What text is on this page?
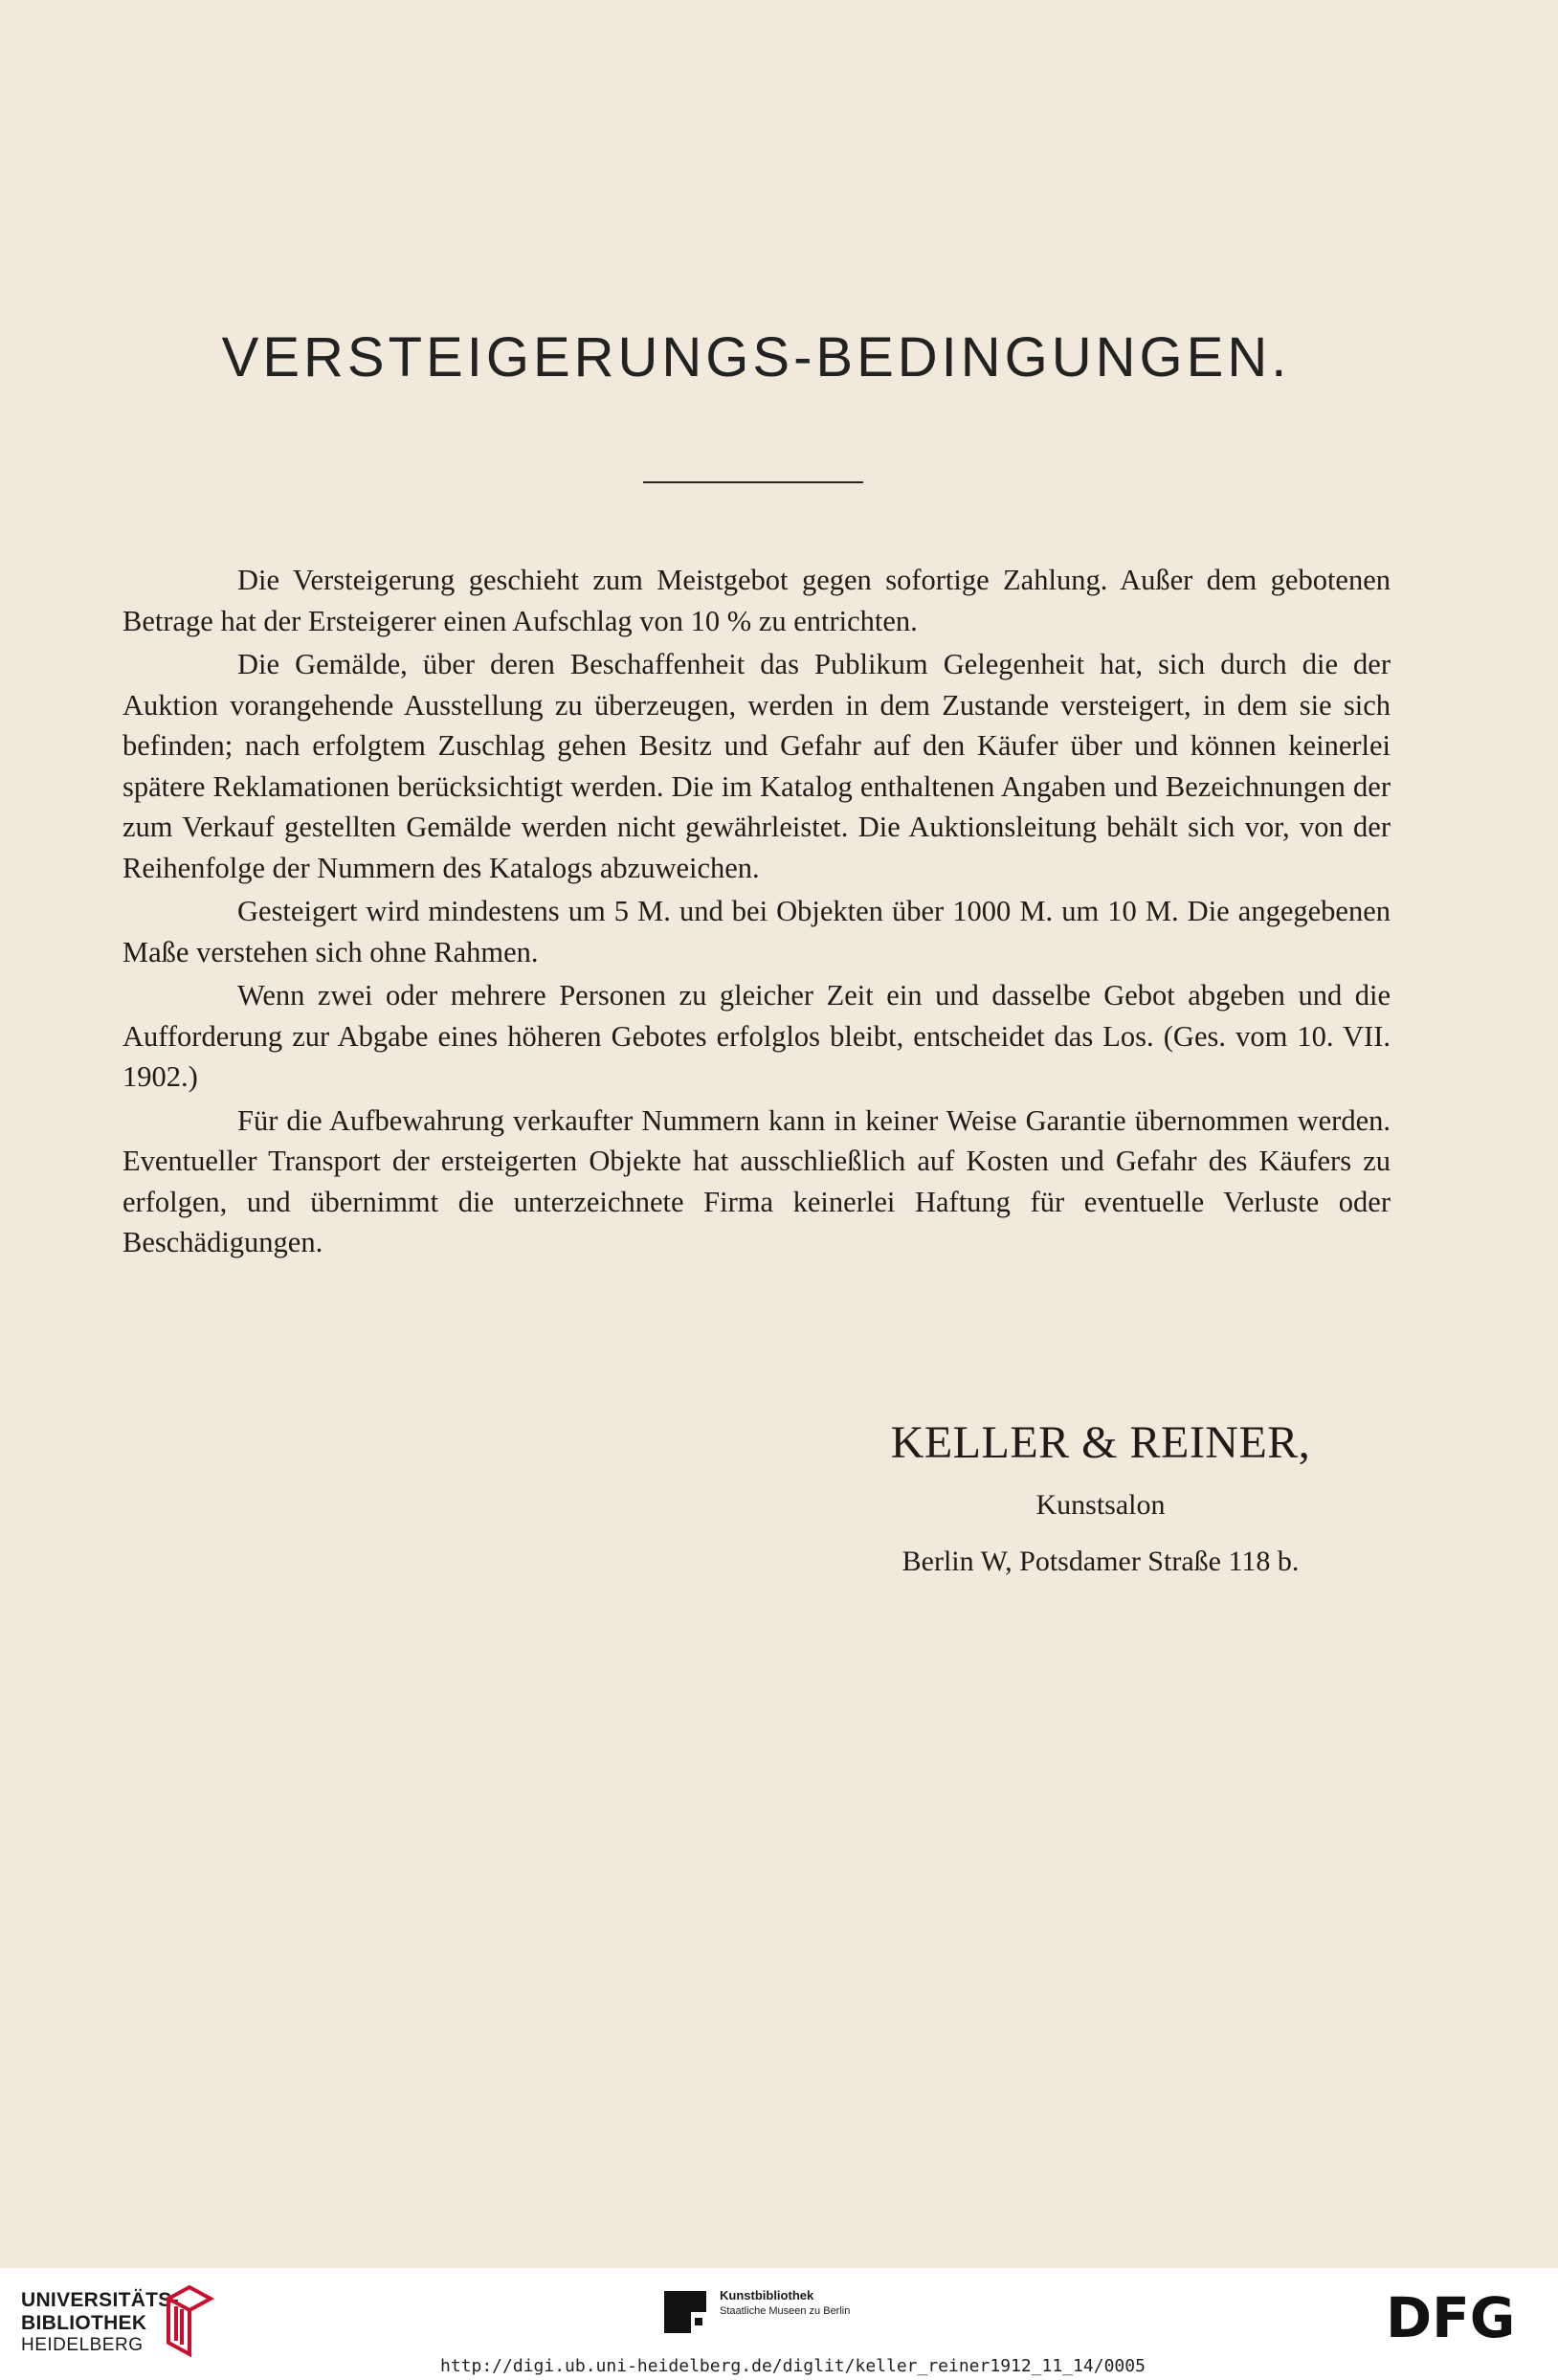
VERSTEIGERUNGS-BEDINGUNGEN.

Die Versteigerung geschieht zum Meistgebot gegen sofortige Zahlung. Außer dem gebotenen Betrage hat der Ersteigerer einen Aufschlag von 10 % zu entrichten.

Die Gemälde, über deren Beschaffenheit das Publikum Gelegenheit hat, sich durch die der Auktion vorangehende Ausstellung zu überzeugen, werden in dem Zustande versteigert, in dem sie sich befinden; nach erfolgtem Zuschlag gehen Besitz und Gefahr auf den Käufer über und können keinerlei spätere Reklamationen berücksichtigt werden. Die im Katalog enthaltenen Angaben und Bezeichnungen der zum Verkauf gestellten Gemälde werden nicht gewährleistet. Die Auktionsleitung behält sich vor, von der Reihenfolge der Nummern des Katalogs abzuweichen.

Gesteigert wird mindestens um 5 M. und bei Objekten über 1000 M. um 10 M. Die angegebenen Maße verstehen sich ohne Rahmen.

Wenn zwei oder mehrere Personen zu gleicher Zeit ein und dasselbe Gebot abgeben und die Aufforderung zur Abgabe eines höheren Gebotes erfolglos bleibt, entscheidet das Los. (Ges. vom 10. VII. 1902.)

Für die Aufbewahrung verkaufter Nummern kann in keiner Weise Garantie übernommen werden. Eventueller Transport der ersteigerten Objekte hat ausschließlich auf Kosten und Gefahr des Käufers zu erfolgen, und übernimmt die unterzeichnete Firma keinerlei Haftung für eventuelle Verluste oder Beschädigungen.

KELLER & REINER,
Kunstsalon
Berlin W, Potsdamer Straße 118 b.
UNIVERSITÄTS-
BIBLIOTHEK
HEIDELBERG
Kunstbibliothek
Staatliche Museen zu Berlin	DFG
http://digi.ub.uni-heidelberg.de/diglit/keller_reiner1912_11_14/0005
